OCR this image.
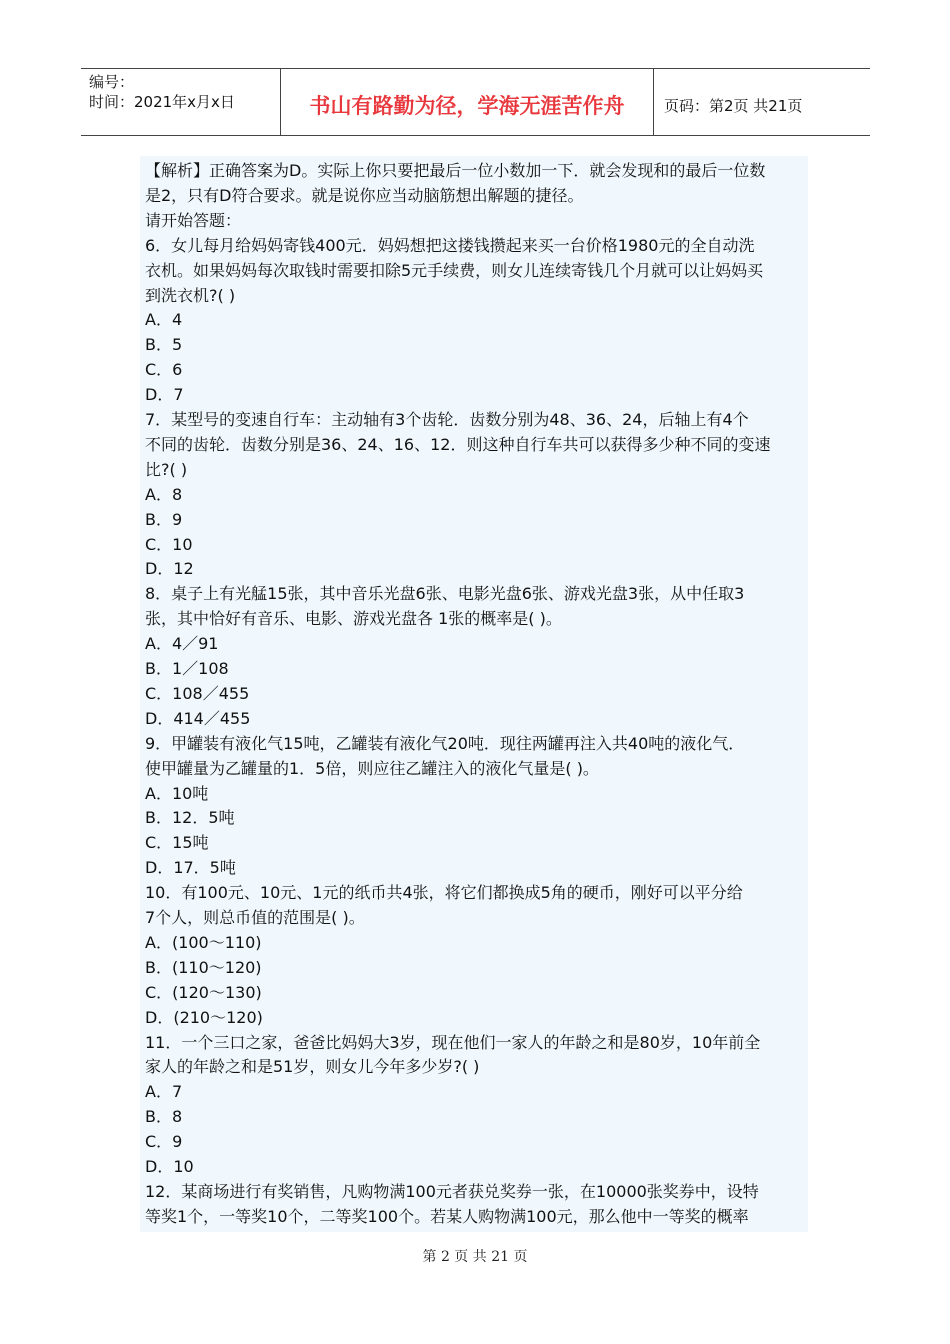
编号：
时间：2021年x月x日	书山有路勤为径，学海无涯苦作舟	页码：第2页 共21页
【解析】正确答案为D。实际上你只要把最后一位小数加一下．就会发现和的最后一位数
是2，只有D符合要求。就是说你应当动脑筋想出解题的捷径。
请开始答题：
6．女儿每月给妈妈寄钱400元．妈妈想把这搂钱攒起来买一台价格1980元的全自动洗
衣机。如果妈妈每次取钱时需要扣除5元手续费，则女儿连续寄钱几个月就可以让妈妈买
到洗衣机?( )
A．4
B．5
C．6
D．7
7．某型号的变速自行车：主动轴有3个齿轮．齿数分别为48、36、24，后轴上有4个
不同的齿轮．齿数分别是36、24、16、12．则这种自行车共可以获得多少种不同的变速
比?( )
A．8
B．9
C．10
D．12
8．桌子上有光艋15张，其中音乐光盘6张、电影光盘6张、游戏光盘3张，从中任取3
张，其中恰好有音乐、电影、游戏光盘各 1张的概率是( )。
A．4／91
B．1／108
C．108／455
D．414／455
9．甲罐装有液化气15吨，乙罐装有液化气20吨．现往两罐再注入共40吨的液化气．
使甲罐量为乙罐量的1．5倍，则应往乙罐注入的液化气量是( )。
A．10吨
B．12．5吨
C．15吨
D．17．5吨
10．有100元、10元、1元的纸币共4张，将它们都换成5角的硬币，刚好可以平分给
7个人，则总币值的范围是( )。
A．(100～110)
B．(110～120)
C．(120～130)
D．(210～120)
11．一个三口之家，爸爸比妈妈大3岁，现在他们一家人的年龄之和是80岁，10年前全
家人的年龄之和是51岁，则女儿今年多少岁?( )
A．7
B．8
C．9
D．10
12．某商场进行有奖销售，凡购物满100元者获兑奖券一张，在10000张奖券中，设特
等奖1个，一等奖10个，二等奖100个。若某人购物满100元，那么他中一等奖的概率
第 2 页 共 21 页
